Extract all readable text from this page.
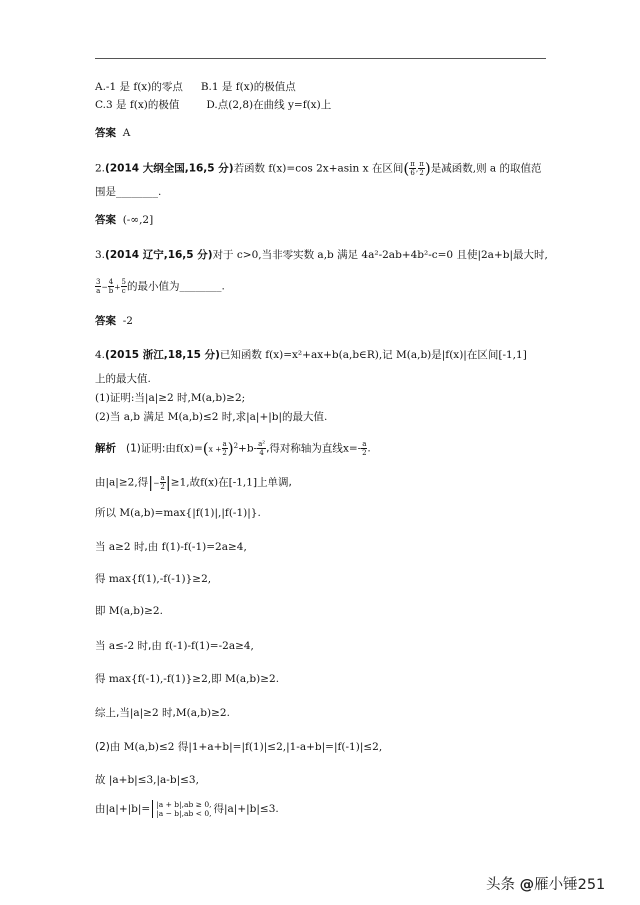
A.-1 是 f(x)的零点 B.1 是 f(x)的极值点
C.3 是 f(x)的极值	D.点(2,8)在曲线 y=f(x)上
答案 A
2.(2014 大纲全国,16,5 分)若函数 f(x)=cos 2x+asin x 在区间( $\frac{\pi}{6}$ , $\frac{\pi}{2}$ )是减函数,则 a 的取值范
围是________.
答案 (-∞,2]
3.(2014 辽宁,16,5 分)对于 c>0,当非零实数 a,b 满足 4a²-2ab+4b²-c=0 且使|2a+b|最大时,
$\frac{3}{a} - \frac{4}{b} + \frac{5}{c}$ 的最小值为________.
答案 -2
4.(2015 浙江,18,15 分)已知函数 f(x)=x²+ax+b(a,b∈R),记 M(a,b)是|f(x)|在区间[-1,1]
上的最大值.
(1)证明:当|a|≥2 时,M(a,b)≥2;
(2)当 a,b 满足 M(a,b)≤2 时,求|a|+|b|的最大值.
解析 (1)证明:由$f(x)=(x + \frac{a}{2} )^2+b- \frac{\text{a²}}{4}$ ,得对称轴为直线$x=- \frac{a}{2}$ .
由|a|≥2,得|− $\frac{a}{2} |\ge 1$,故f(x)在[-1,1]上单调,
所以 M(a,b)=max{|f(1)|,|f(-1)|}.
当 a≥2 时,由 f(1)-f(-1)=2a≥4,
得 max{f(1),-f(-1)}≥2,
即 M(a,b)≥2.
当 a≤-2 时,由 f(-1)-f(1)=-2a≥4,
得 max{f(-1),-f(1)}≥2,即 M(a,b)≥2.
综上,当|a|≥2 时,M(a,b)≥2.
(2)由 M(a,b)≤2 得|1+a+b|=|f(1)|≤2,|1-a+b|=|f(-1)|≤2,
故 |a+b|≤3,|a-b|≤3,
由|a|+|b|= |a + b|,ab ≥ 0,
|a − b|,ab < 0, 得|a|+|b|≤3.
头条 @雁小锤251
